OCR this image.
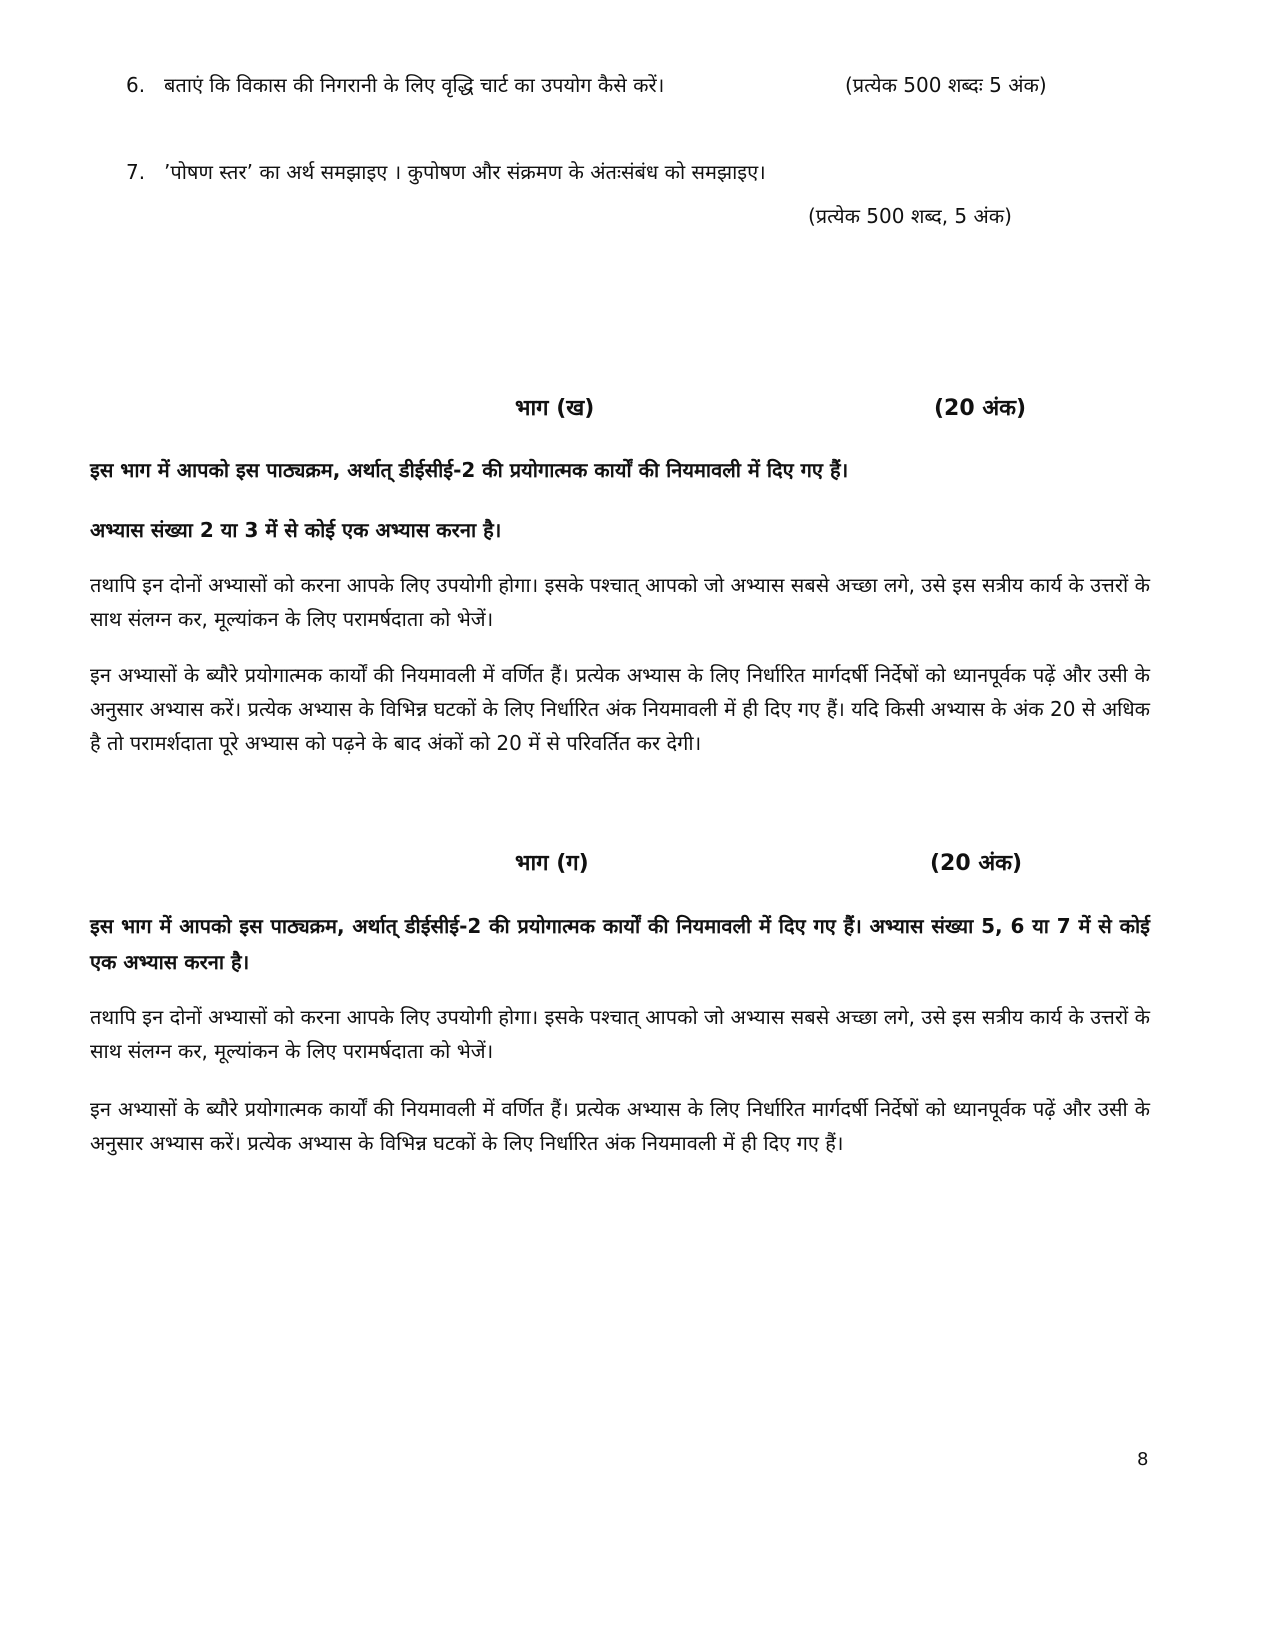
6. बताएं कि विकास की निगरानी के लिए वृद्धि चार्ट का उपयोग कैसे करें।	(प्रत्येक 500 शब्दः 5 अंक)
7. ’पोषण स्तर’ का अर्थ समझाइए । कुपोषण और संक्रमण के अंतःसंबंध को समझाइए।
(प्रत्येक 500 शब्द, 5 अंक)
भाग (ख)	(20 अंक)
इस भाग में आपको इस पाठ्यक्रम, अर्थात् डीईसीई-2 की प्रयोगात्मक कार्यों की नियमावली में दिए गए हैं।
अभ्यास संख्या 2 या 3 में से कोई एक अभ्यास करना है।
तथापि इन दोनों अभ्यासों को करना आपके लिए उपयोगी होगा। इसके पश्चात् आपको जो अभ्यास सबसे अच्छा लगे, उसे इस सत्रीय कार्य के उत्तरों के साथ संलग्न कर, मूल्यांकन के लिए परामर्षदाता को भेजें।
इन अभ्यासों के ब्यौरे प्रयोगात्मक कार्यों की नियमावली में वर्णित हैं। प्रत्येक अभ्यास के लिए निर्धारित मार्गदर्षी निर्देषों को ध्यानपूर्वक पढ़ें और उसी के अनुसार अभ्यास करें। प्रत्येक अभ्यास के विभिन्न घटकों के लिए निर्धारित अंक नियमावली में ही दिए गए हैं। यदि किसी अभ्यास के अंक 20 से अधिक है तो परामर्शदाता पूरे अभ्यास को पढ़ने के बाद अंकों को 20 में से परिवर्तित कर देगी।
भाग (ग)	(20 अंक)
इस भाग में आपको इस पाठ्यक्रम, अर्थात् डीईसीई-2 की प्रयोगात्मक कार्यों की नियमावली में दिए गए हैं। अभ्यास संख्या 5, 6 या 7 में से कोई एक अभ्यास करना है।
तथापि इन दोनों अभ्यासों को करना आपके लिए उपयोगी होगा। इसके पश्चात् आपको जो अभ्यास सबसे अच्छा लगे, उसे इस सत्रीय कार्य के उत्तरों के साथ संलग्न कर, मूल्यांकन के लिए परामर्षदाता को भेजें।
इन अभ्यासों के ब्यौरे प्रयोगात्मक कार्यों की नियमावली में वर्णित हैं। प्रत्येक अभ्यास के लिए निर्धारित मार्गदर्षी निर्देषों को ध्यानपूर्वक पढ़ें और उसी के अनुसार अभ्यास करें। प्रत्येक अभ्यास के विभिन्न घटकों के लिए निर्धारित अंक नियमावली में ही दिए गए हैं।
8
